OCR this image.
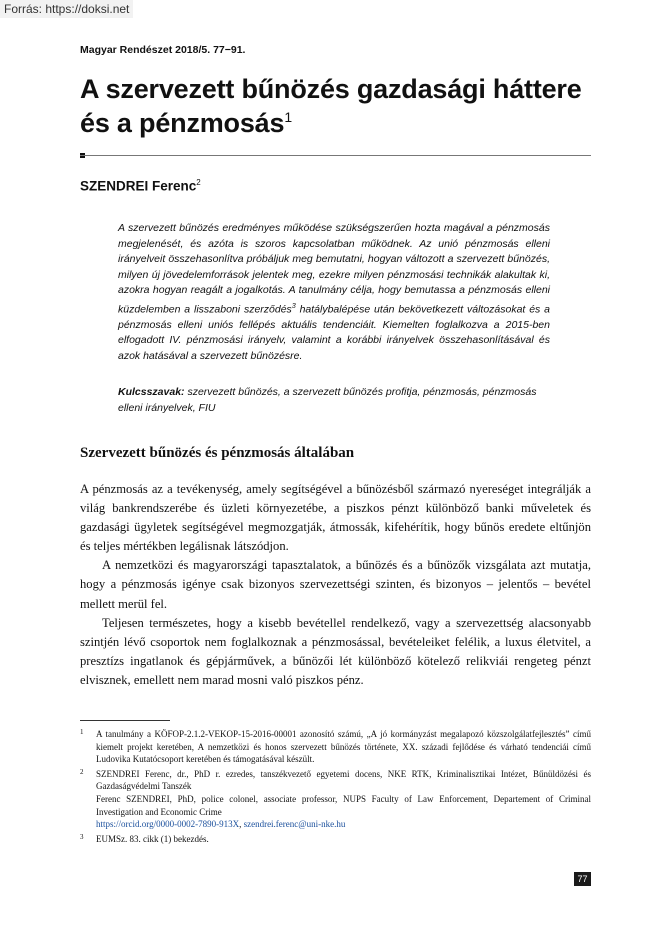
Forrás: https://doksi.net
Magyar Rendészet 2018/5. 77−91.
A szervezett bűnözés gazdasági háttere és a pénzmosás$^1$
SZENDREI Ferenc$^2$

A szervezett bűnözés eredményes működése szükségszerűen hozta magával a pénzmosás megjelenését, és azóta is szoros kapcsolatban működnek. Az unió pénzmosás elleni irányelveit összehasonlítva próbáljuk meg bemutatni, hogyan változott a szervezett bűnözés, milyen új jövedelemforrások jelentek meg, ezekre milyen pénzmosási technikák alakultak ki, azokra hogyan reagált a jogalkotás. A tanulmány célja, hogy bemutassa a pénzmosás elleni küzdelemben a lisszaboni szerződés$^3$ hatálybalépése után bekövetkezett változásokat és a pénzmosás elleni uniós fellépés aktuális tendenciáit. Kiemelten foglalkozva a 2015-ben elfogadott IV. pénzmosási irányelv, valamint a korábbi irányelvek összehasonlításával és azok hatásával a szervezett bűnözésre.

Kulcsszavak: szervezett bűnözés, a szervezett bűnözés profitja, pénzmosás, pénzmosás elleni irányelvek, FIU

Szervezett bűnözés és pénzmosás általában

A pénzmosás az a tevékenység, amely segítségével a bűnözésből származó nyereséget integrálják a világ bankrendszerébe és üzleti környezetébe, a piszkos pénzt különböző banki műveletek és gazdasági ügyletek segítségével megmozgatják, átmossák, kifehérítik, hogy bűnös eredete eltűnjön és teljes mértékben legálisnak látszódjon.

A nemzetközi és magyarországi tapasztalatok, a bűnözés és a bűnözők vizsgálata azt mutatja, hogy a pénzmosás igénye csak bizonyos szervezettségi szinten, és bizonyos – jelentős – bevétel mellett merül fel.

Teljesen természetes, hogy a kisebb bevétellel rendelkező, vagy a szervezettség alacsonyabb szintjén lévő csoportok nem foglalkoznak a pénzmosással, bevételeiket felélik, a luxus életvitel, a presztízs ingatlanok és gépjárművek, a bűnözői lét különböző kötelező relikviái rengeteg pénzt elvisznek, emellett nem marad mosni való piszkos pénz.

1 A tanulmány a KÖFOP-2.1.2-VEKOP-15-2016-00001 azonosító számú, „A jó kormányzást megalapozó közszolgálatfejlesztés” című kiemelt projekt keretében, A nemzetközi és honos szervezett bűnözés története, XX. századi fejlődése és várható tendenciái című Ludovika Kutatócsoport keretében és támogatásával készült.
2 SZENDREI Ferenc, dr., PhD r. ezredes, tanszékvezető egyetemi docens, NKE RTK, Kriminalisztikai Intézet, Bűnüldözési és Gazdaságvédelmi Tanszék
Ferenc SZENDREI, PhD, police colonel, associate professor, NUPS Faculty of Law Enforcement, Departement of Criminal Investigation and Economic Crime
https://orcid.org/0000-0002-7890-913X, szendrei.ferenc@uni-nke.hu
3 EUMSz. 83. cikk (1) bekezdés.
77
